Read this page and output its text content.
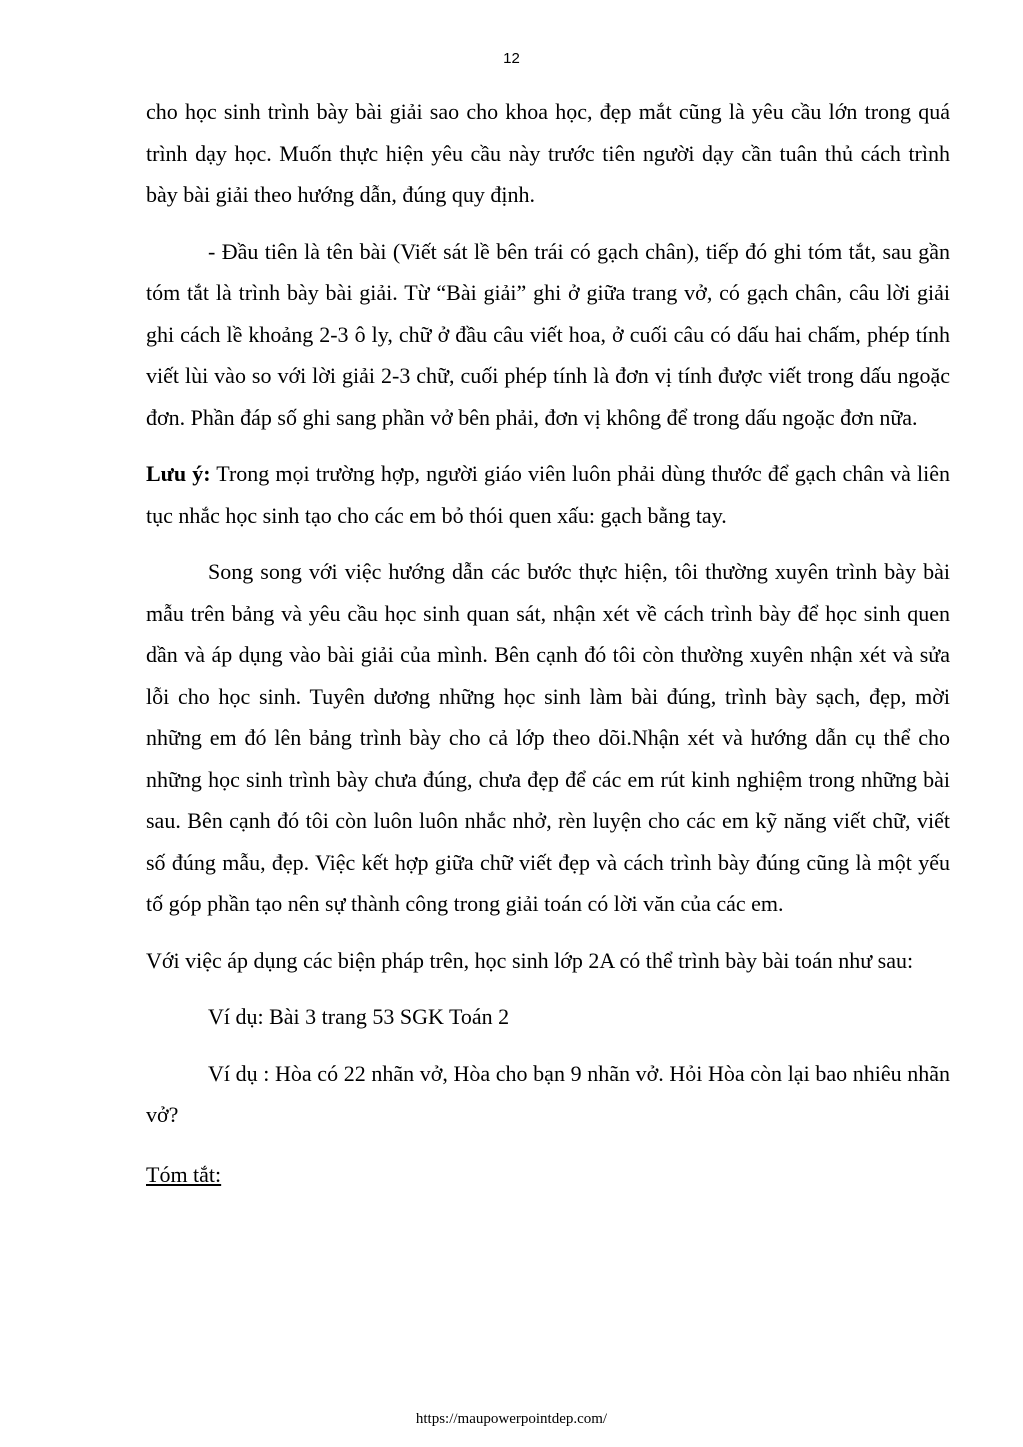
12

cho học sinh trình bày bài giải sao cho khoa học, đẹp mắt cũng là yêu cầu lớn trong quá trình dạy học. Muốn thực hiện yêu cầu này trước tiên người dạy cần tuân thủ cách trình bày bài giải theo hướng dẫn, đúng quy định.

- Đầu tiên là tên bài (Viết sát lề bên trái có gạch chân), tiếp đó ghi tóm tắt, sau gần tóm tắt là trình bày bài giải. Từ “Bài giải” ghi ở giữa trang vở, có gạch chân, câu lời giải ghi cách lề khoảng 2-3 ô ly, chữ ở đầu câu viết hoa, ở cuối câu có dấu hai chấm, phép tính viết lùi vào so với lời giải 2-3 chữ, cuối phép tính là đơn vị tính được viết trong dấu ngoặc đơn. Phần đáp số ghi sang phần vở bên phải, đơn vị không để trong dấu ngoặc đơn nữa.

Lưu ý: Trong mọi trường hợp, người giáo viên luôn phải dùng thước để gạch chân và liên tục nhắc học sinh tạo cho các em bỏ thói quen xấu: gạch bằng tay.

Song song với việc hướng dẫn các bước thực hiện, tôi thường xuyên trình bày bài mẫu trên bảng và yêu cầu học sinh quan sát, nhận xét về cách trình bày để học sinh quen dần và áp dụng vào bài giải của mình. Bên cạnh đó tôi còn thường xuyên nhận xét và sửa lỗi cho học sinh. Tuyên dương những học sinh làm bài đúng, trình bày sạch, đẹp, mời những em đó lên bảng trình bày cho cả lớp theo dõi.Nhận xét và hướng dẫn cụ thể cho những học sinh trình bày chưa đúng, chưa đẹp để các em rút kinh nghiệm trong những bài sau. Bên cạnh đó tôi còn luôn luôn nhắc nhở, rèn luyện cho các em kỹ năng viết chữ, viết số đúng mẫu, đẹp. Việc kết hợp giữa chữ viết đẹp và cách trình bày đúng cũng là một yếu tố góp phần tạo nên sự thành công trong giải toán có lời văn của các em.

Với việc áp dụng các biện pháp trên, học sinh lớp 2A có thể trình bày bài toán như sau:

Ví dụ: Bài 3 trang 53 SGK Toán 2

Ví dụ : Hòa có 22 nhãn vở, Hòa cho bạn 9 nhãn vở. Hỏi Hòa còn lại bao nhiêu nhãn vở?

Tóm tắt:

https://maupowerpointdep.com/
